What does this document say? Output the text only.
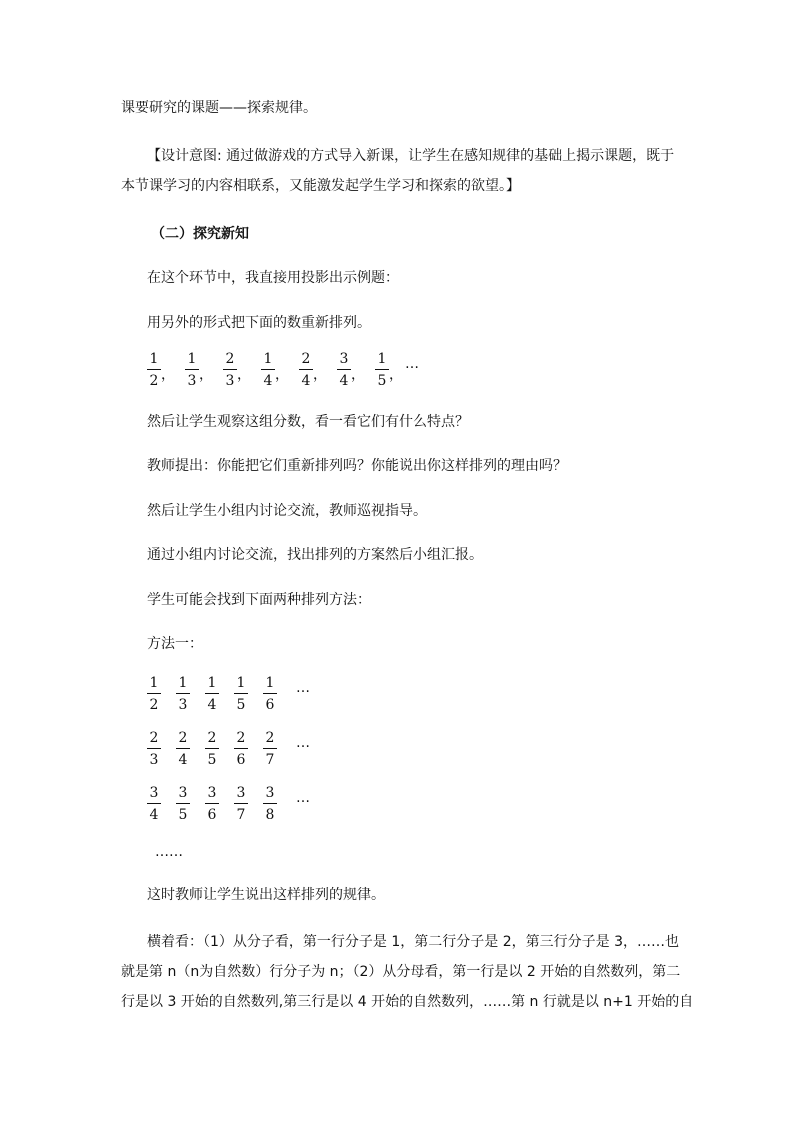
课要研究的课题——探索规律。
【设计意图: 通过做游戏的方式导入新课，让学生在感知规律的基础上揭示课题，既于
本节课学习的内容相联系，又能激发起学生学习和探索的欲望。】
（二）探究新知
在这个环节中，我直接用投影出示例题：
用另外的形式把下面的数重新排列。
1
2 ，
1
3 ，
2
3 ，
1
4 ，
2
4 ，
3
4 ，
1
5 ，
…
然后让学生观察这组分数，看一看它们有什么特点？
教师提出：你能把它们重新排列吗？你能说出你这样排列的理由吗？
然后让学生小组内讨论交流，教师巡视指导。
通过小组内讨论交流，找出排列的方案然后小组汇报。
学生可能会找到下面两种排列方法：
方法一：
1
2
1
3
1
4
1
5
1
6
…
2
3
2
4
2
5
2
6
2
7
…
3
4
3
5
3
6
3
7
3
8
…
……
这时教师让学生说出这样排列的规律。
横着看：（1）从分子看，第一行分子是 1，第二行分子是 2，第三行分子是 3，……也
就是第 n（n为自然数）行分子为 n；（2）从分母看，第一行是以 2 开始的自然数列，第二
行是以 3 开始的自然数列,第三行是以 4 开始的自然数列，……第 n 行就是以 n+1 开始的自
